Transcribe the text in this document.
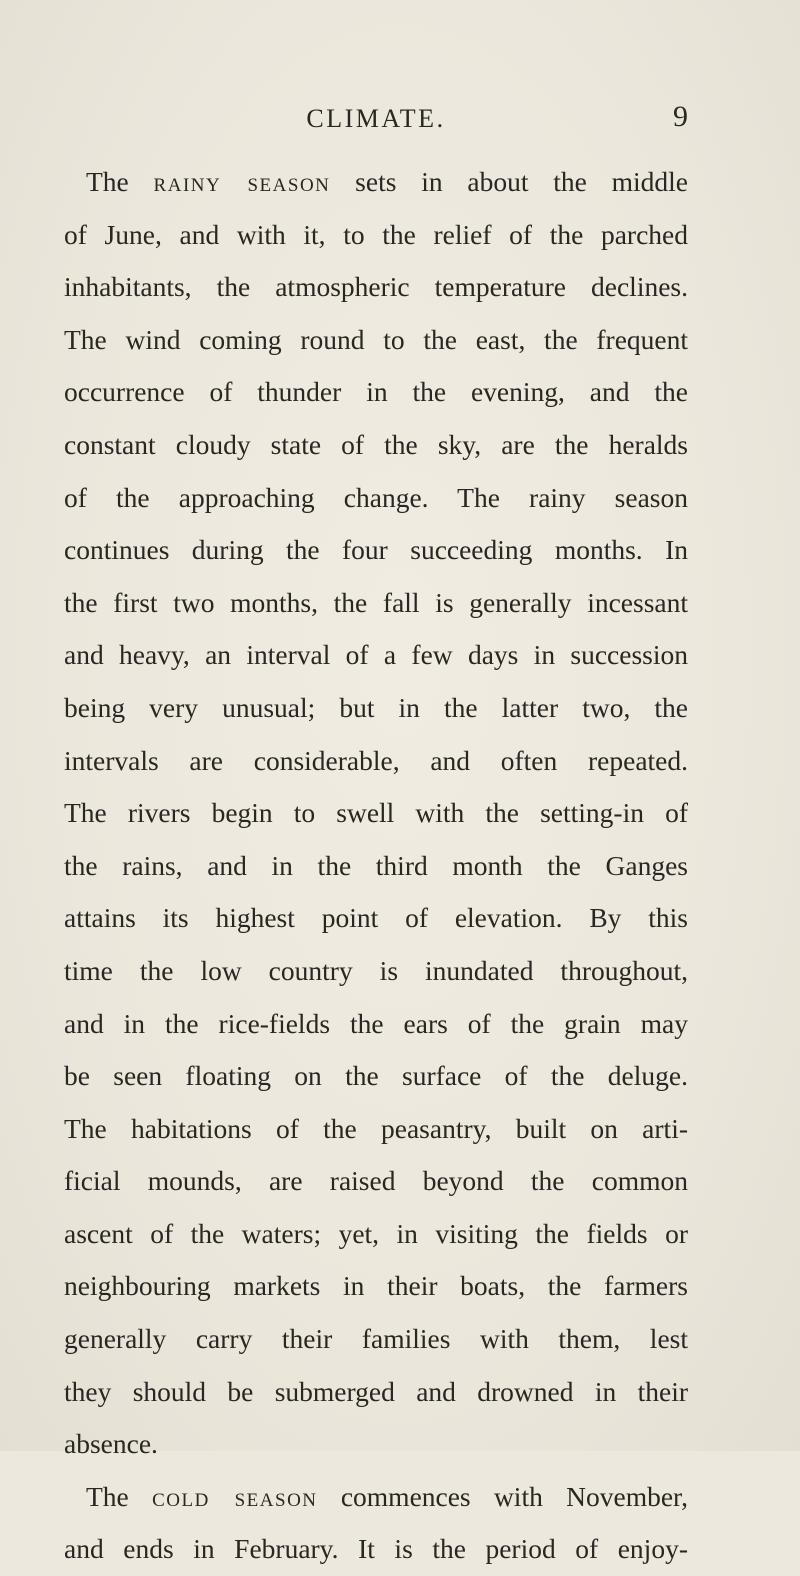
CLIMATE.	9

The rainy season sets in about the middle
of June, and with it, to the relief of the parched
inhabitants, the atmospheric temperature declines.
The wind coming round to the east, the frequent
occurrence of thunder in the evening, and the
constant cloudy state of the sky, are the heralds
of the approaching change. The rainy season
continues during the four succeeding months. In
the first two months, the fall is generally incessant
and heavy, an interval of a few days in succession
being very unusual; but in the latter two, the
intervals are considerable, and often repeated.
The rivers begin to swell with the setting-in of
the rains, and in the third month the Ganges
attains its highest point of elevation. By this
time the low country is inundated throughout,
and in the rice-fields the ears of the grain may
be seen floating on the surface of the deluge.
The habitations of the peasantry, built on arti-
ficial mounds, are raised beyond the common
ascent of the waters; yet, in visiting the fields or
neighbouring markets in their boats, the farmers
generally carry their families with them, lest
they should be submerged and drowned in their
absence.

The cold season commences with November,
and ends in February. It is the period of enjoy-
